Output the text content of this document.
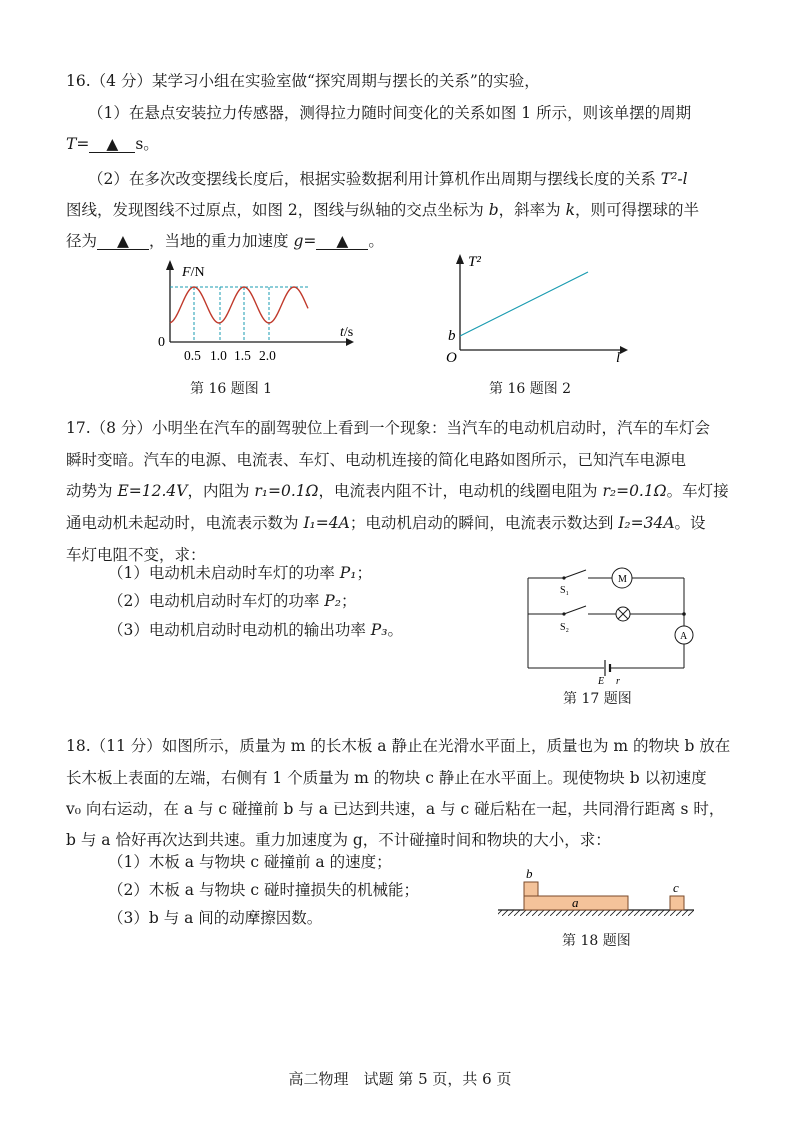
16.（4 分）某学习小组在实验室做“探究周期与摆长的关系”的实验，
（1）在悬点安装拉力传感器，测得拉力随时间变化的关系如图 1 所示，则该单摆的周期
T= ▲ s。
（2）在多次改变摆线长度后，根据实验数据利用计算机作出周期与摆线长度的关系 T²-l
图线，发现图线不过原点，如图 2，图线与纵轴的交点坐标为 b，斜率为 k，则可得摆球的半
径为 ▲ ，当地的重力加速度 g= ▲ 。
F/N
0
t/s
0.5 1.0 1.5 2.0
第 16 题图 1
T²
b
O	l
第 16 题图 2
17.（8 分）小明坐在汽车的副驾驶位上看到一个现象：当汽车的电动机启动时，汽车的车灯会
瞬时变暗。汽车的电源、电流表、车灯、电动机连接的简化电路如图所示，已知汽车电源电
动势为 E=12.4V，内阻为 r₁=0.1Ω，电流表内阻不计，电动机的线圈电阻为 r₂=0.1Ω。车灯接
通电动机未起动时，电流表示数为 I₁=4A；电动机启动的瞬间，电流表示数达到 I₂=34A。设
车灯电阻不变，求：
（1）电动机未启动时车灯的功率 P₁；
（2）电动机启动时车灯的功率 P₂；
（3）电动机启动时电动机的输出功率 P₃。
M
S₁
S₂
A
E r
第 17 题图
18.（11 分）如图所示，质量为 m 的长木板 a 静止在光滑水平面上，质量也为 m 的物块 b 放在
长木板上表面的左端，右侧有 1 个质量为 m 的物块 c 静止在水平面上。现使物块 b 以初速度
v₀ 向右运动，在 a 与 c 碰撞前 b 与 a 已达到共速，a 与 c 碰后粘在一起，共同滑行距离 s 时，
b 与 a 恰好再次达到共速。重力加速度为 g，不计碰撞时间和物块的大小，求：
（1）木板 a 与物块 c 碰撞前 a 的速度；
（2）木板 a 与物块 c 碰时撞损失的机械能；
（3）b 与 a 间的动摩擦因数。
a
b
c
第 18 题图
高二物理　试题 第 5 页，共 6 页
